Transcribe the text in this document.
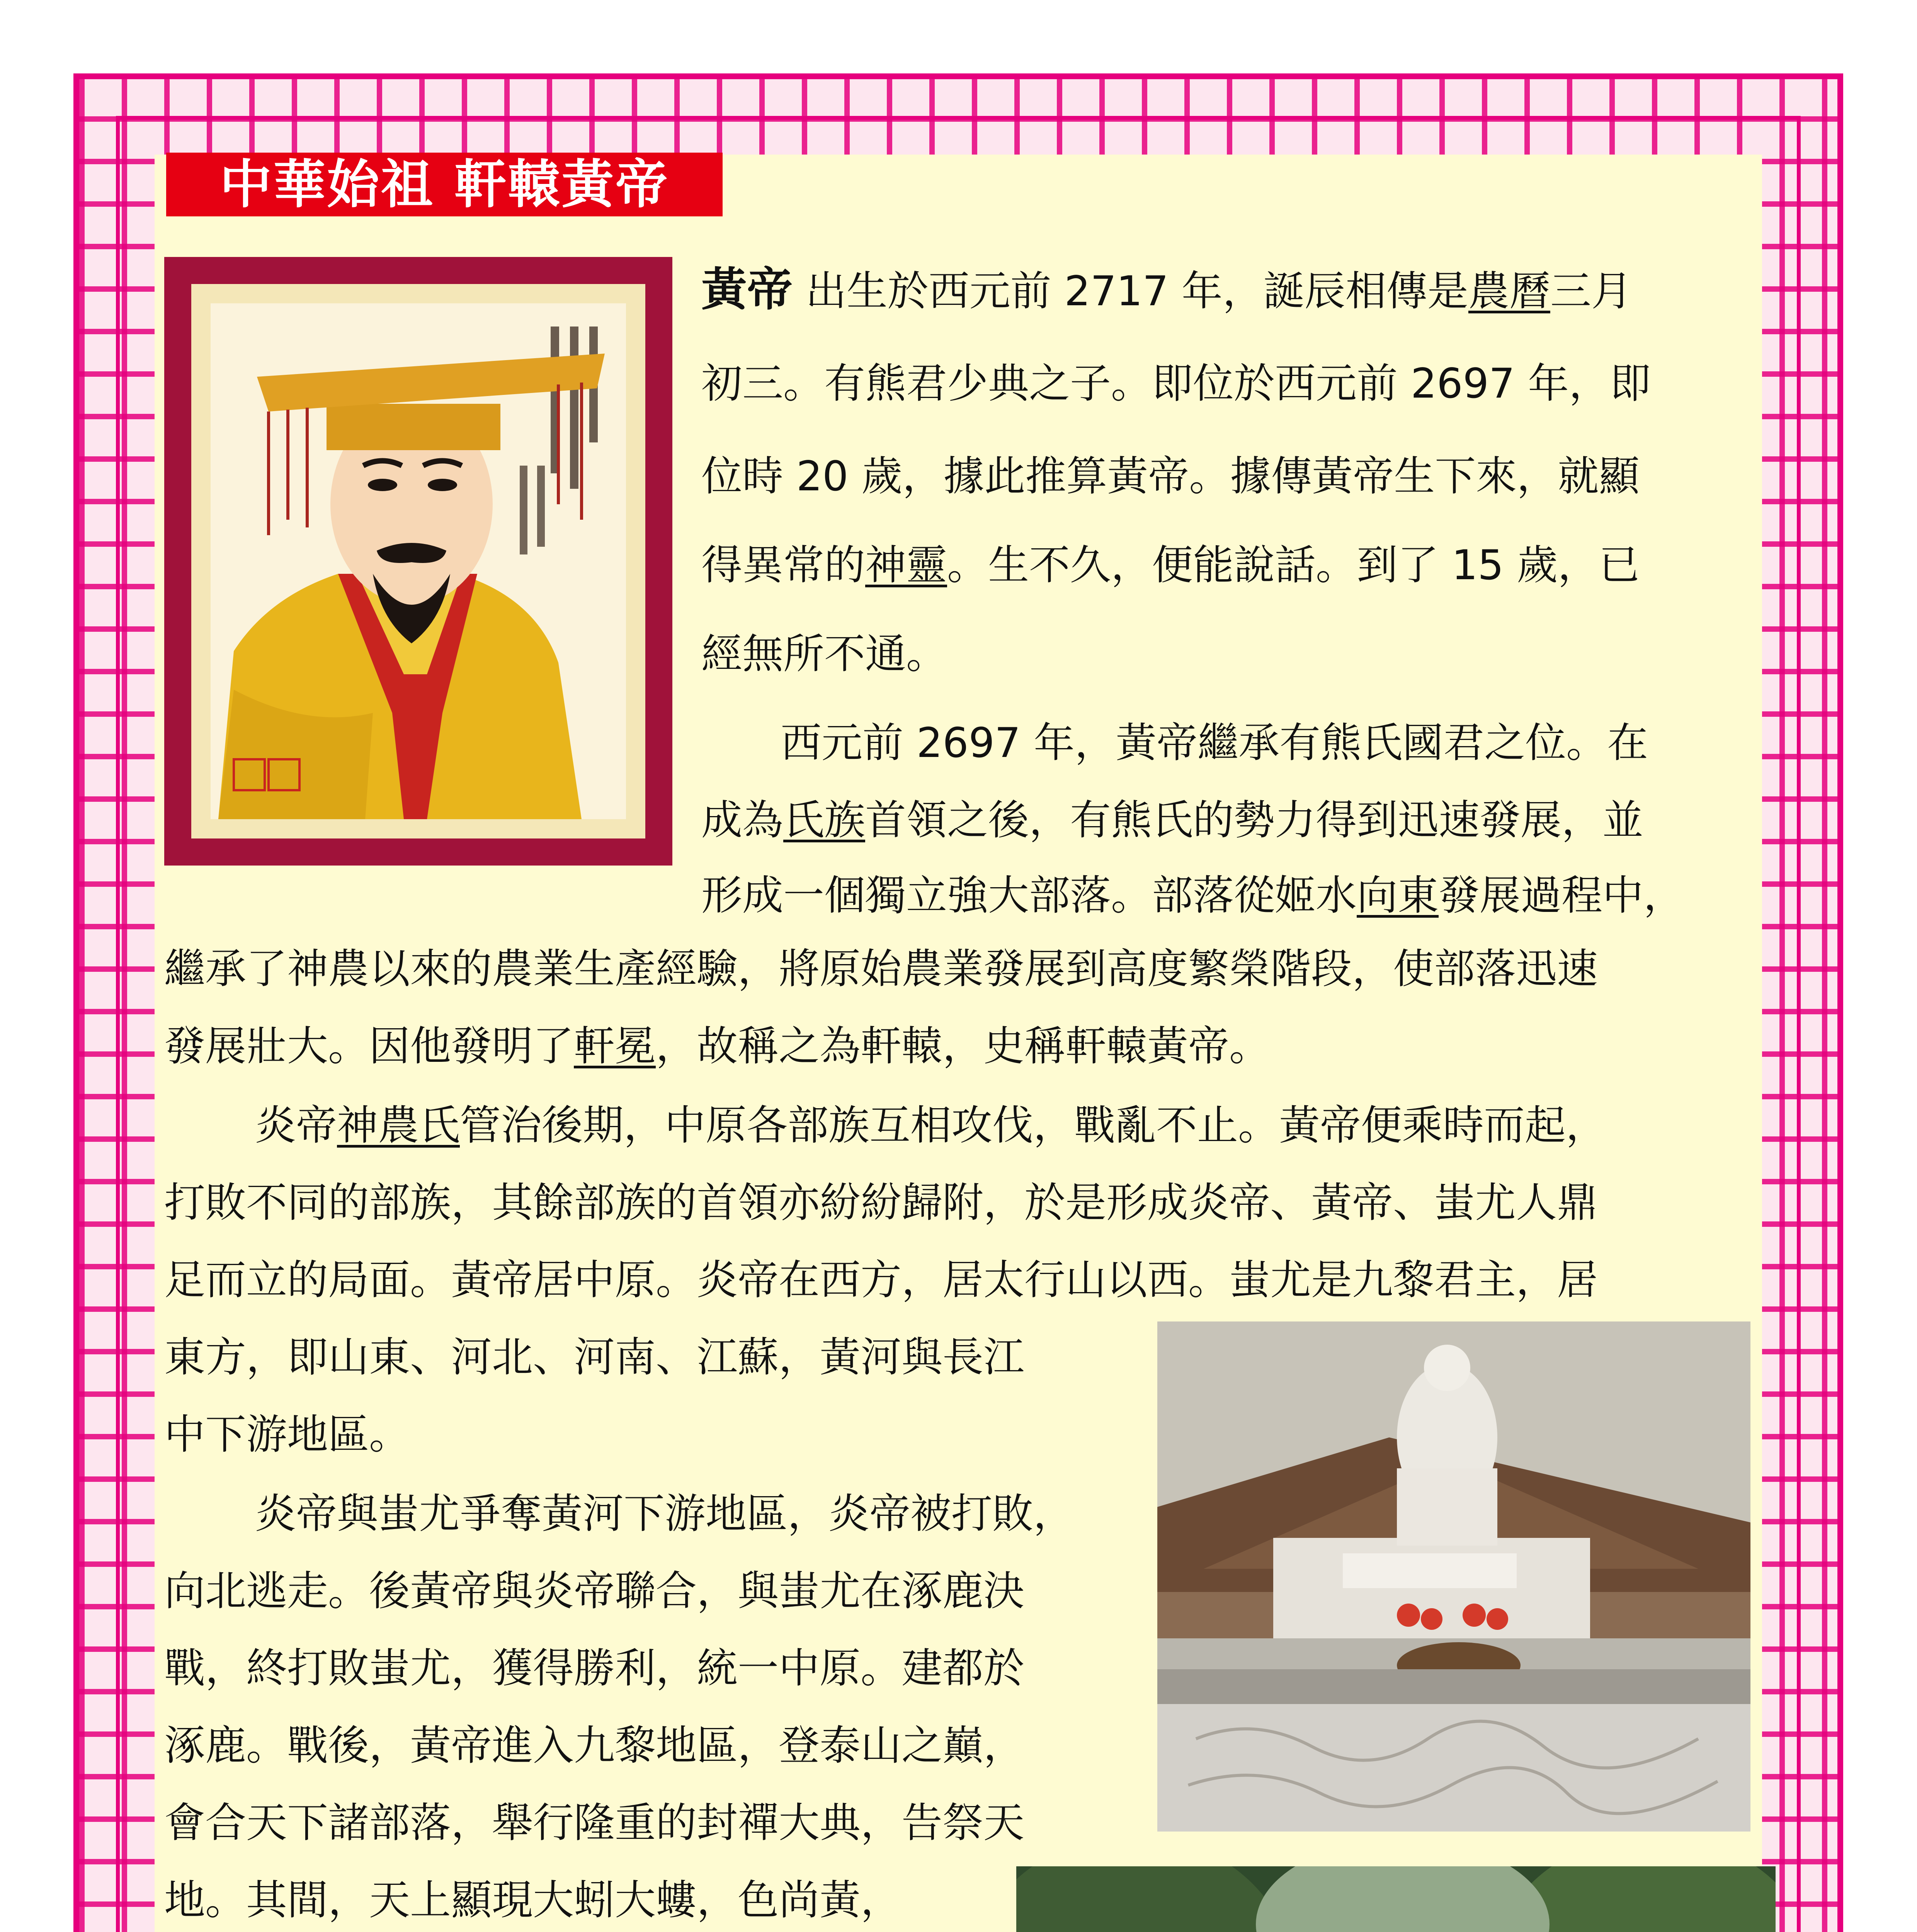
中華始祖 軒轅黃帝
黃帝 出生於西元前 2717 年，誕辰相傳是農曆三月
初三。有熊君少典之子。即位於西元前 2697 年，即
位時 20 歲，據此推算黃帝。據傳黃帝生下來，就顯
得異常的神靈。生不久，便能說話。到了 15 歲，已
經無所不通。
西元前 2697 年，黃帝繼承有熊氏國君之位。在
成為氏族首領之後，有熊氏的勢力得到迅速發展，並
形成一個獨立強大部落。部落從姬水向東發展過程中，
繼承了神農以來的農業生產經驗，將原始農業發展到高度繁榮階段，使部落迅速
發展壯大。因他發明了軒冕，故稱之為軒轅，史稱軒轅黃帝。
炎帝神農氏管治後期，中原各部族互相攻伐，戰亂不止。黃帝便乘時而起，
打敗不同的部族，其餘部族的首領亦紛紛歸附，於是形成炎帝、黃帝、蚩尤人鼎
足而立的局面。黃帝居中原。炎帝在西方，居太行山以西。蚩尤是九黎君主，居
東方，即山東、河北、河南、江蘇，黃河與長江
中下游地區。
炎帝與蚩尤爭奪黃河下游地區，炎帝被打敗，
向北逃走。後黃帝與炎帝聯合，與蚩尤在涿鹿決
戰，終打敗蚩尤，獲得勝利，統一中原。建都於
涿鹿。戰後，黃帝進入九黎地區，登泰山之巔，
會合天下諸部落，舉行隆重的封禪大典，告祭天
地。其間，天上顯現大蚓大螻，色尚黃，
